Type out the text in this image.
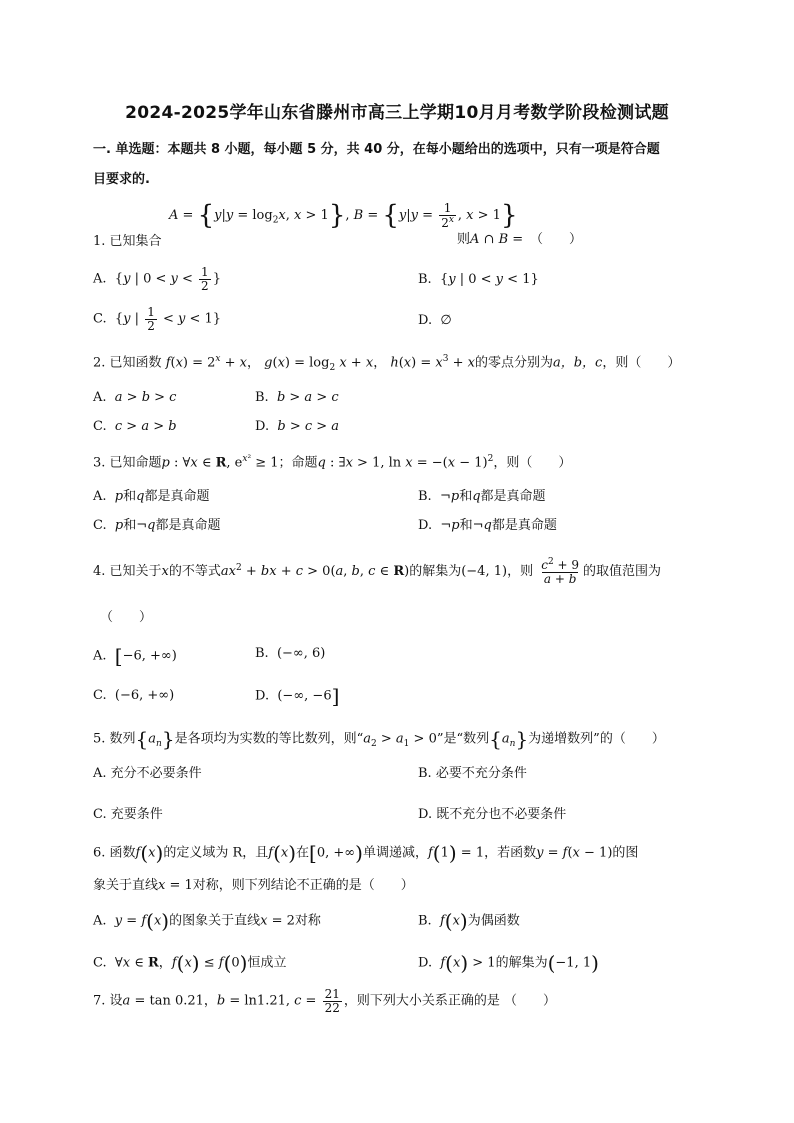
2024-2025学年山东省滕州市高三上学期10月月考数学阶段检测试题
一. 单选题：本题共 8 小题，每小题 5 分，共 40 分，在每小题给出的选项中，只有一项是符合题
目要求的.
$A = \{y|y = \log_2x$, x > 1}, $B = \{y|y = \frac{1}{2^x}$ , x > 1}
1. 已知集合	则A ∩ B = （　　）
A.  {y | $0 < y < \frac{1}{2}$ }	B.  {y | 0 < y < 1}
C.  {y | $\frac{1}{2} < y < 1$}	D.  ∅
2. 已知函数 $f(x) = 2^x + x$， $g(x) = \log_2 x + x$， $h(x) = x^3 + x$的零点分别为a，b，c，则（　　）
A. a > b > c	B. b > a > c
C. c > a > b	D. b > c > a
3. 已知命题p : ∀x ∈ R, $e^{x^2} \ge 1$；命题q : ∃x > 1, $\ln x = -(x - 1)^2$，则（　　）
A. p和q都是真命题	B.  ¬p和q都是真命题
C. p和¬q都是真命题	D.  ¬p和¬q都是真命题
4. 已知关于x的不等式$ax^2$ + bx + c > 0(a, b, c ∈ R)的解集为(−4, 1)，则 $\frac{c^2 + 9}{a + b}$ 的取值范围为
（　　）
A. [−6, +∞)	B.  (−∞, 6)
C.  (−6, +∞)	D.  (−∞, −6]
5. 数列$\{a_n\}$是各项均为实数的等比数列，则“$a_2 > a_1 > 0$”是“数列$\{a_n\}$为递增数列”的（　　）
A. 充分不必要条件	B. 必要不充分条件
C. 充要条件	D. 既不充分也不必要条件
6. 函数f(x)的定义域为 R，且f(x)在[0, +∞)单调递减，f(1) = 1，若函数y = f(x − 1)的图
象关于直线x = 1对称，则下列结论不正确的是（　　）
A. y = f(x)的图象关于直线x = 2对称	B. f(x)为偶函数
C.  ∀x ∈ R，f(x) ≤ f(0)恒成立	D. f(x) > 1的解集为(−1, 1)
7. 设a = tan 0.21，b = ln1.21, $c = \frac{21}{22}$ ，则下列大小关系正确的是 （　　）
